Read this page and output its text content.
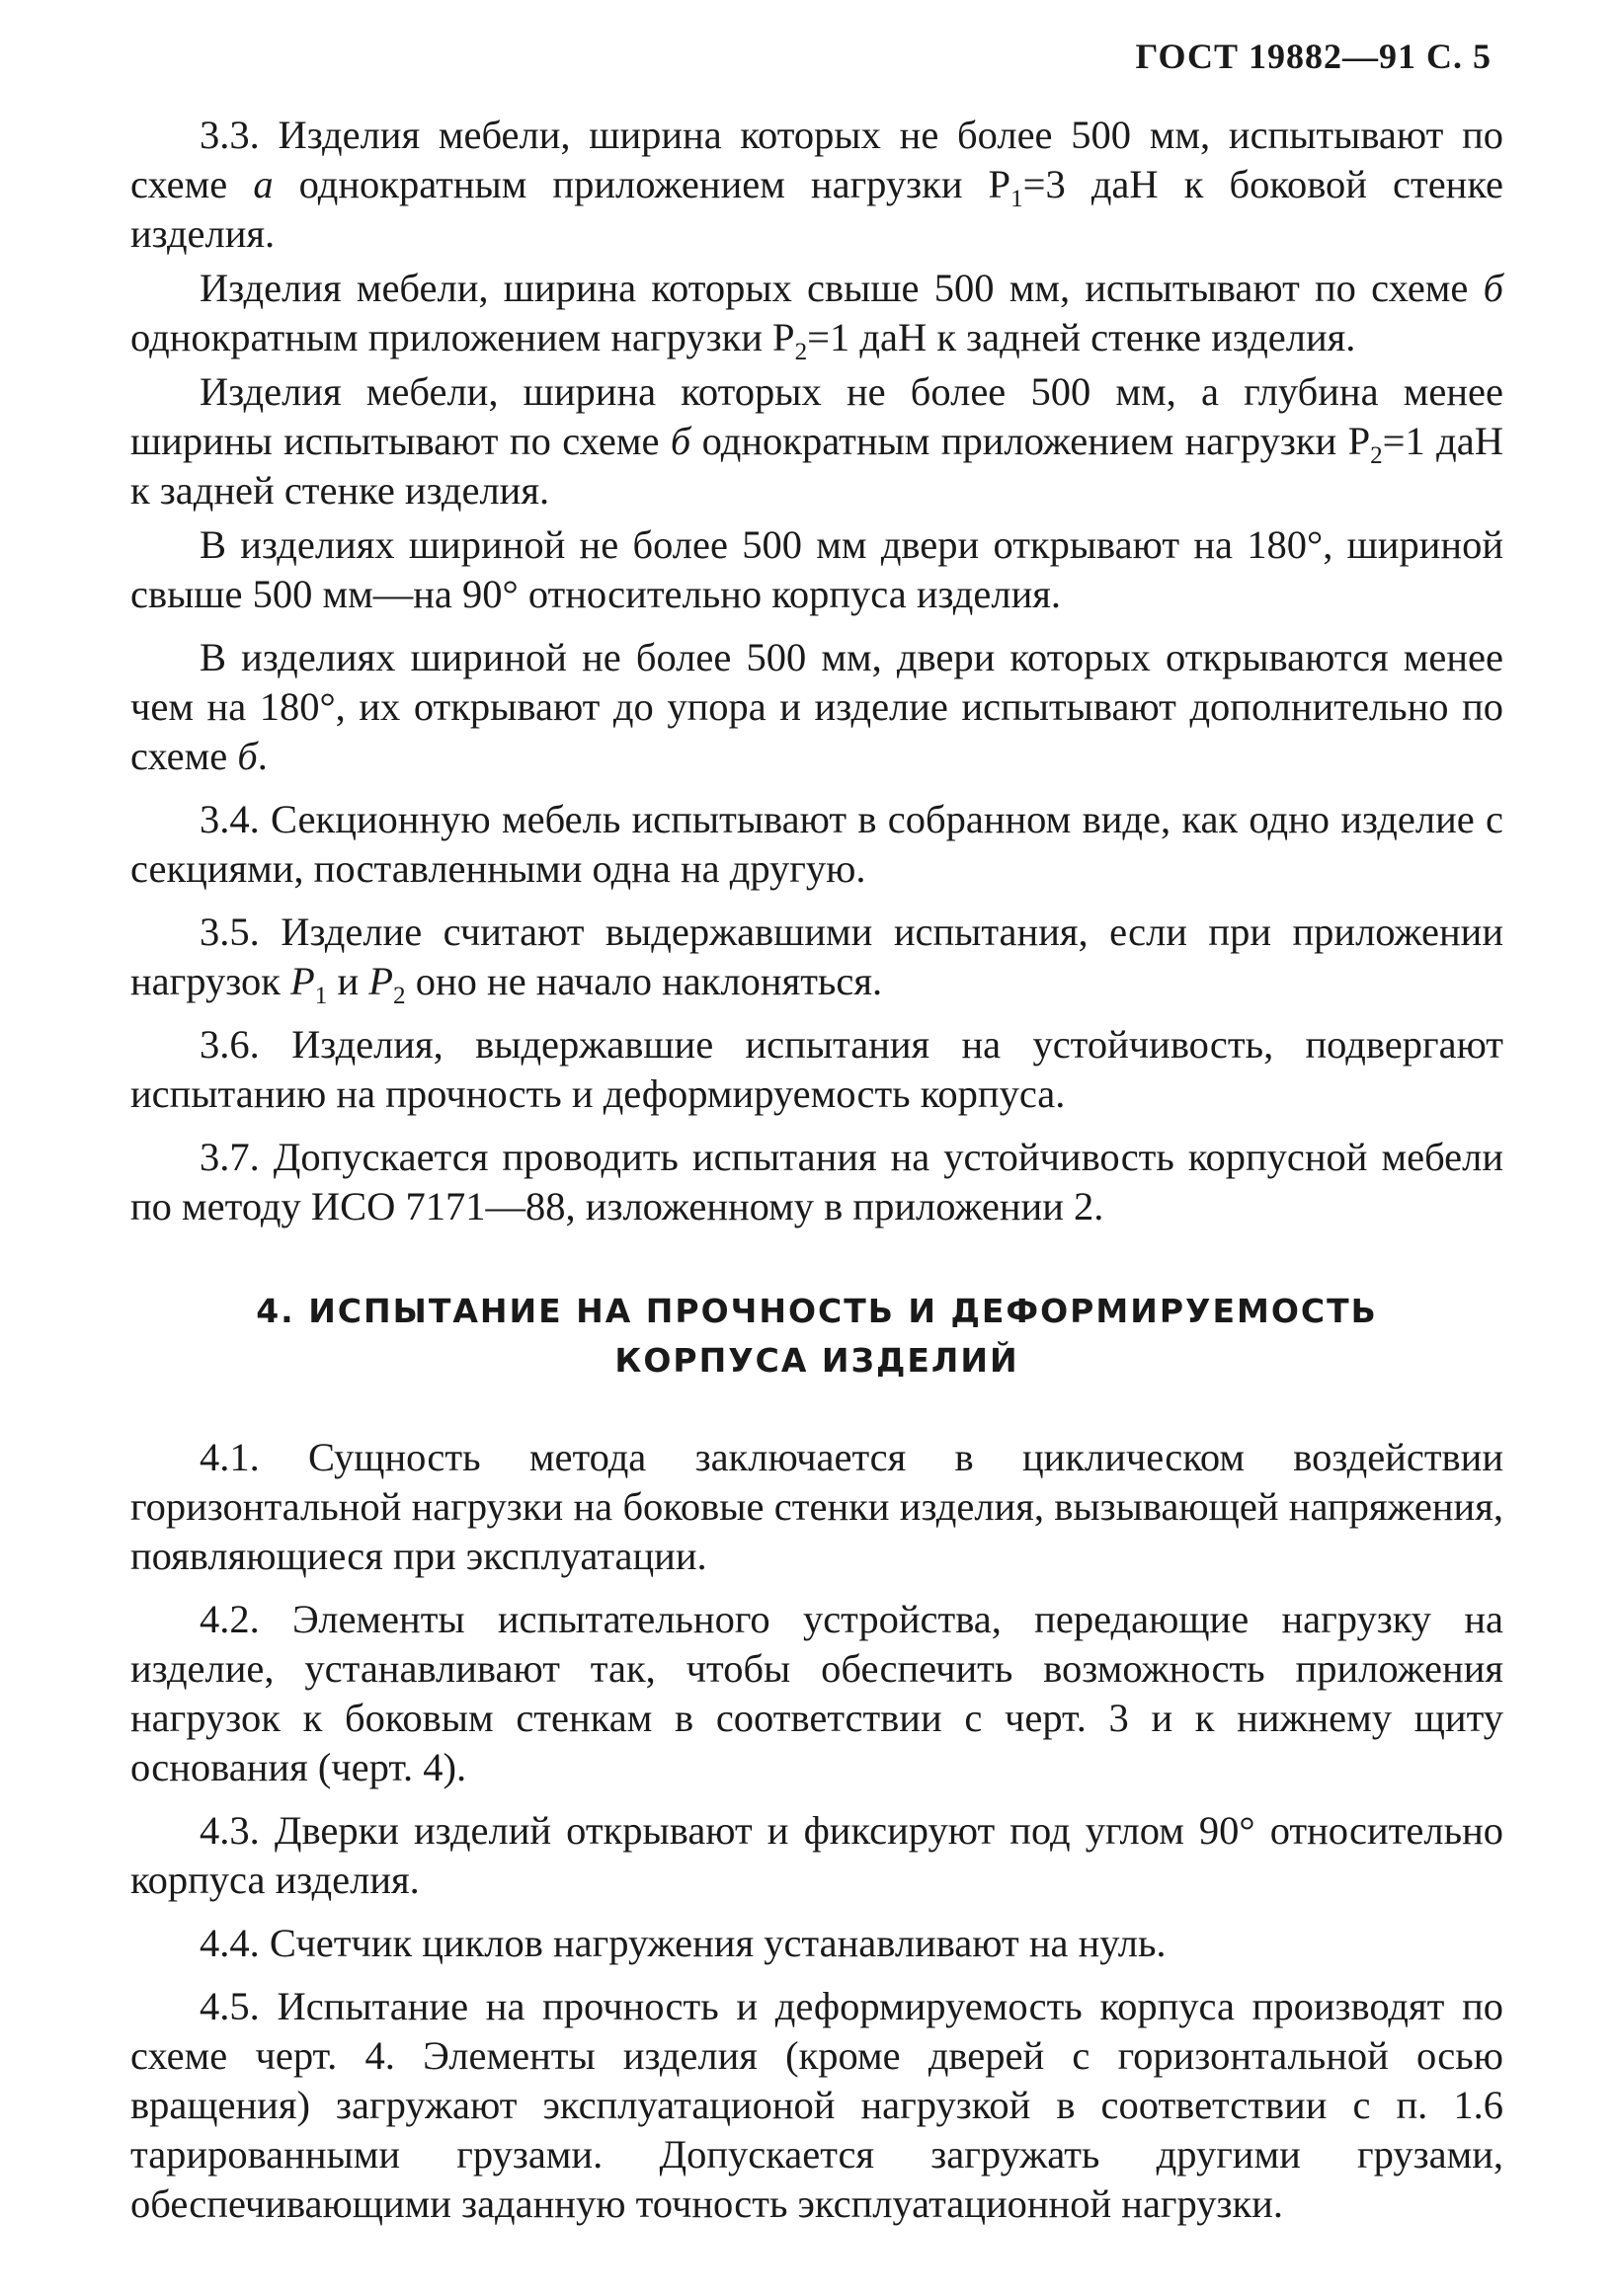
ГОСТ 19882—91 С. 5

3.3. Изделия мебели, ширина которых не более 500 мм, испытывают по схеме а однократным приложением нагрузки $Р_1=3$ даН к боковой стенке изделия.

Изделия мебели, ширина которых свыше 500 мм, испытывают по схеме б однократным приложением нагрузки $Р_2=1$ даН к задней стенке изделия.

Изделия мебели, ширина которых не более 500 мм, а глубина менее ширины испытывают по схеме б однократным приложением нагрузки $Р_2=1$ даН к задней стенке изделия.

В изделиях шириной не более 500 мм двери открывают на 180°, шириной свыше 500 мм—на 90° относительно корпуса изделия.

В изделиях шириной не более 500 мм, двери которых открываются менее чем на 180°, их открывают до упора и изделие испытывают дополнительно по схеме б.

3.4. Секционную мебель испытывают в собранном виде, как одно изделие с секциями, поставленными одна на другую.

3.5. Изделие считают выдержавшими испытания, если при приложении нагрузок $P_1$ и $P_2$ оно не начало наклоняться.

3.6. Изделия, выдержавшие испытания на устойчивость, подвергают испытанию на прочность и деформируемость корпуса.

3.7. Допускается проводить испытания на устойчивость корпусной мебели по методу ИСО 7171—88, изложенному в приложении 2.

4. ИСПЫТАНИЕ НА ПРОЧНОСТЬ И ДЕФОРМИРУЕМОСТЬ
КОРПУСА ИЗДЕЛИЙ

4.1. Сущность метода заключается в циклическом воздействии горизонтальной нагрузки на боковые стенки изделия, вызывающей напряжения, появляющиеся при эксплуатации.

4.2. Элементы испытательного устройства, передающие нагрузку на изделие, устанавливают так, чтобы обеспечить возможность приложения нагрузок к боковым стенкам в соответствии с черт. 3 и к нижнему щиту основания (черт. 4).

4.3. Дверки изделий открывают и фиксируют под углом 90° относительно корпуса изделия.

4.4. Счетчик циклов нагружения устанавливают на нуль.

4.5. Испытание на прочность и деформируемость корпуса производят по схеме черт. 4. Элементы изделия (кроме дверей с горизонтальной осью вращения) загружают эксплуатационой нагрузкой в соответствии с п. 1.6 тарированными грузами. Допускается загружать другими грузами, обеспечивающими заданную точность эксплуатационной нагрузки.
